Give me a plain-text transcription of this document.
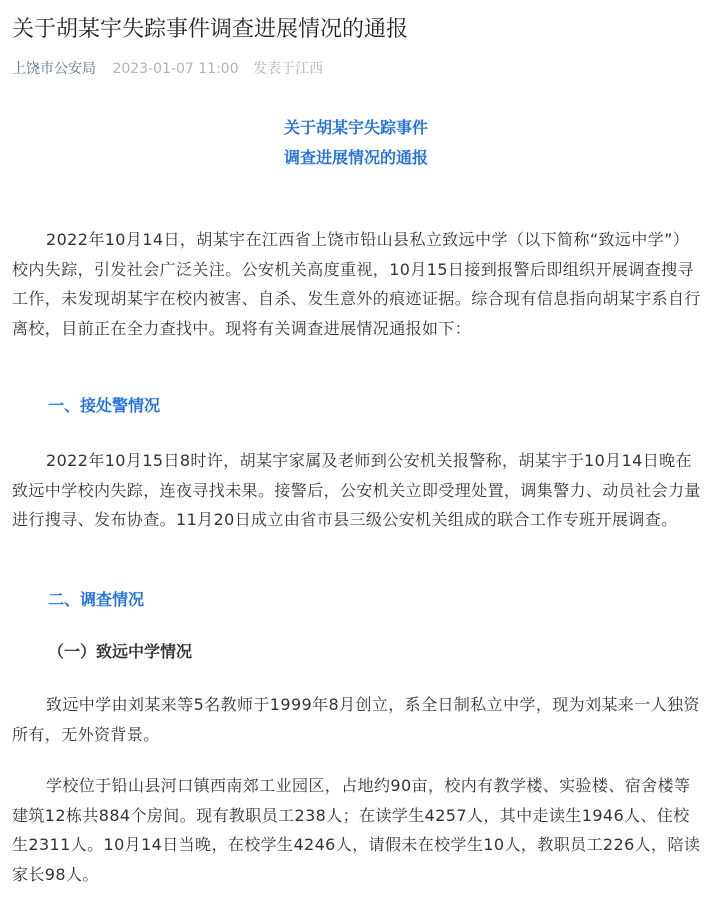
关于胡某宇失踪事件调查进展情况的通报
上饶市公安局 2023-01-07 11:00 发表于江西
关于胡某宇失踪事件
调查进展情况的通报

2022年10月14日，胡某宇在江西省上饶市铅山县私立致远中学（以下简称“致远中学”）校内失踪，引发社会广泛关注。公安机关高度重视，10月15日接到报警后即组织开展调查搜寻工作，未发现胡某宇在校内被害、自杀、发生意外的痕迹证据。综合现有信息指向胡某宇系自行离校，目前正在全力查找中。现将有关调查进展情况通报如下：

一、接处警情况

2022年10月15日8时许，胡某宇家属及老师到公安机关报警称，胡某宇于10月14日晚在致远中学校内失踪，连夜寻找未果。接警后，公安机关立即受理处置，调集警力、动员社会力量进行搜寻、发布协查。11月20日成立由省市县三级公安机关组成的联合工作专班开展调查。

二、调查情况
（一）致远中学情况

致远中学由刘某来等5名教师于1999年8月创立，系全日制私立中学，现为刘某来一人独资所有，无外资背景。

学校位于铅山县河口镇西南郊工业园区，占地约90亩，校内有教学楼、实验楼、宿舍楼等建筑12栋共884个房间。现有教职员工238人；在读学生4257人，其中走读生1946人、住校生2311人。10月14日当晚，在校学生4246人，请假未在校学生10人，教职员工226人，陪读家长98人。
